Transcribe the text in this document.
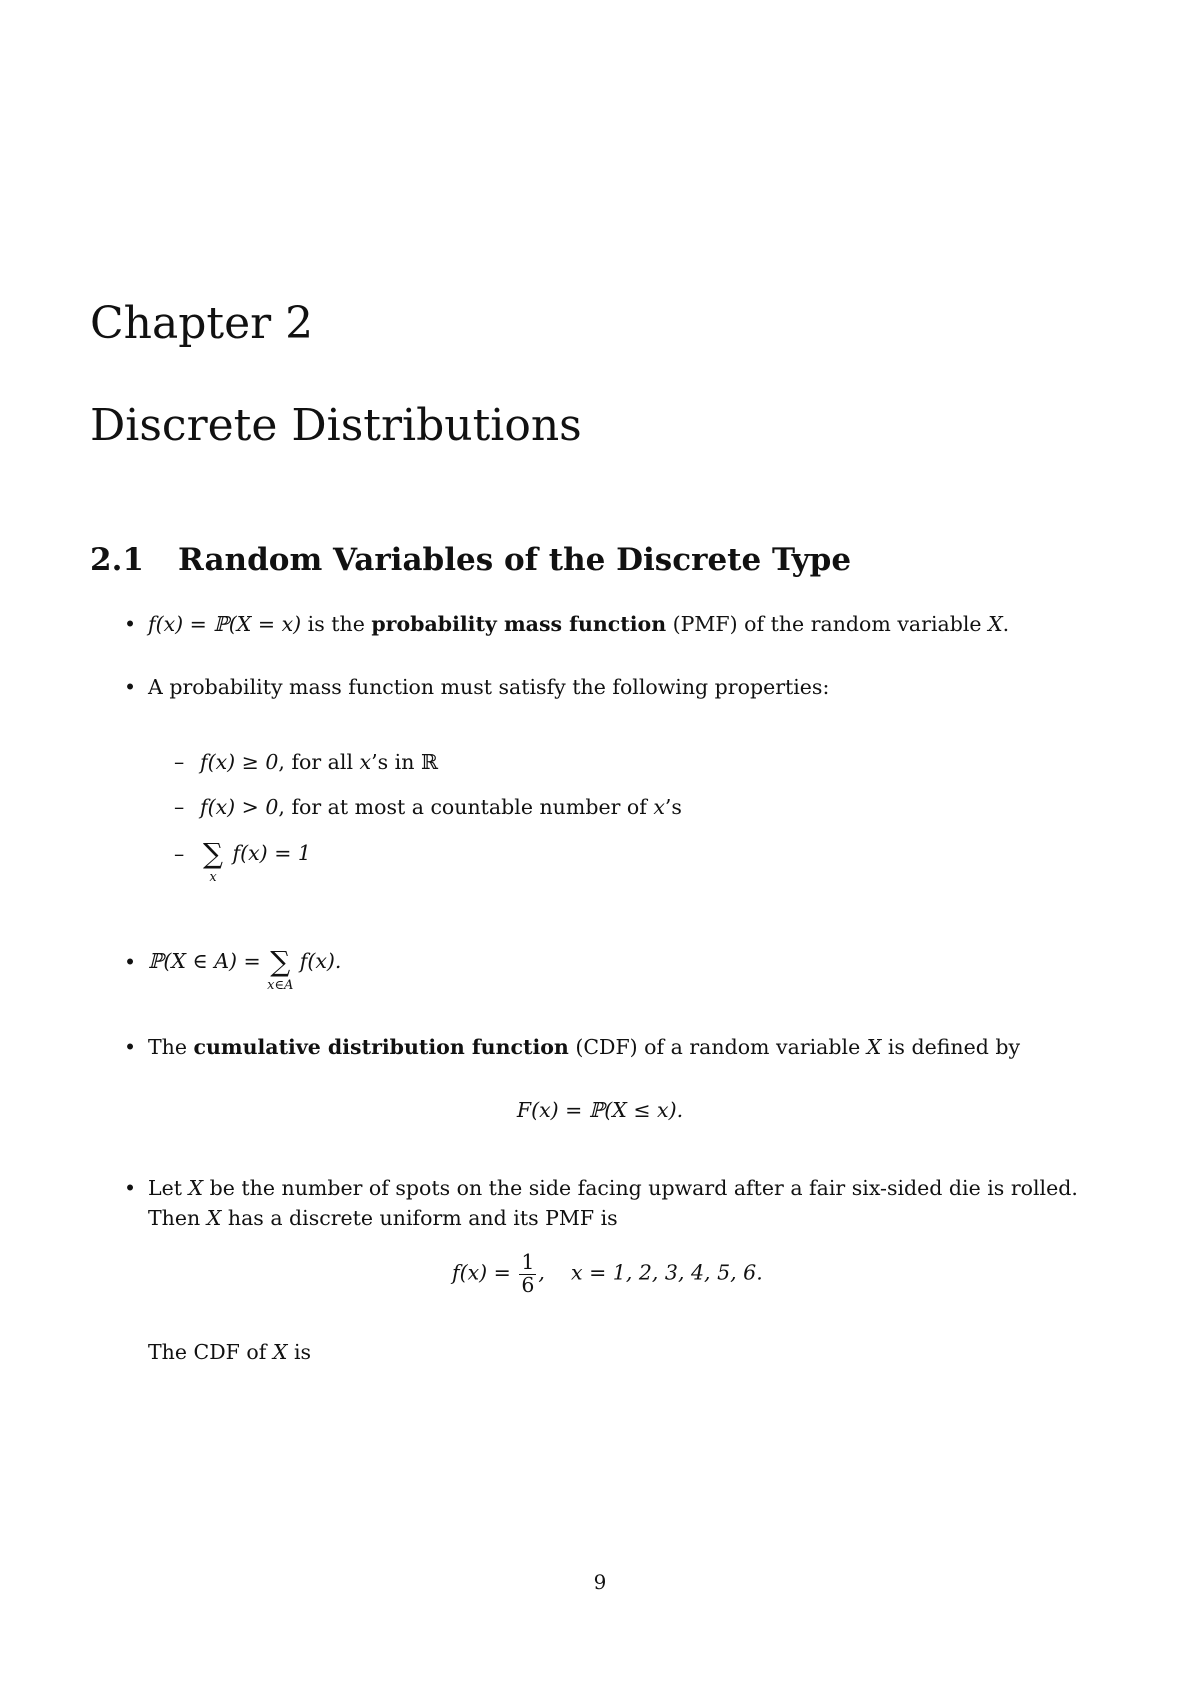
Chapter 2
Discrete Distributions
2.1 Random Variables of the Discrete Type
• f(x) = ℙ(X = x) is the probability mass function (PMF) of the random variable X.
• A probability mass function must satisfy the following properties:
– f(x) ≥ 0, for all x’s in ℝ
– f(x) > 0, for at most a countable number of x’s
– ∑
x
f(x) = 1
• ℙ(X ∈ A) = ∑
x∈A
f(x).
• The cumulative distribution function (CDF) of a random variable X is defined by
F(x) = ℙ(X ≤ x).
• Let X be the number of spots on the side facing upward after a fair six-sided die is rolled.
Then X has a discrete uniform and its PMF is
$f(x) = \frac{1}{6}$ ,    x = 1, 2, 3, 4, 5, 6.
The CDF of X is
9
